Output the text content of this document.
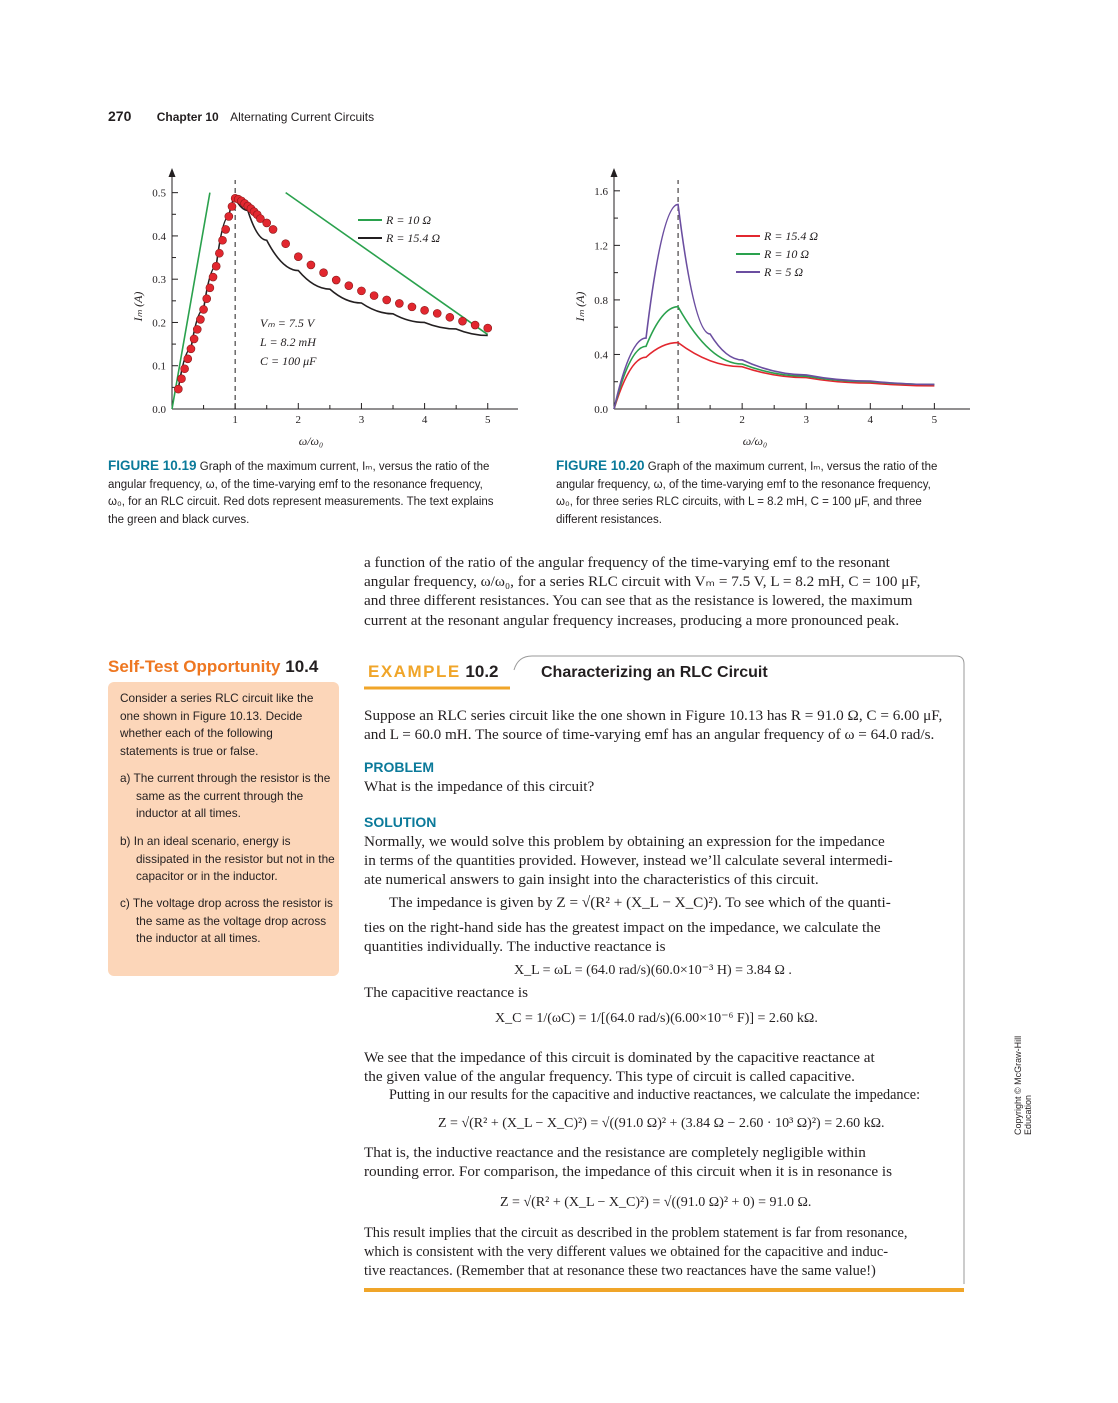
270 Chapter 10 Alternating Current Circuits
1	2	3	4	5
0.0
0.1
0.2
0.3
0.4
0.5
ω/ω₀
Iₘ (A)
R = 10 Ω
R = 15.4 Ω
Vₘ = 7.5 V
L = 8.2 mH
C = 100 μF
1	2	3	4	5
0.0
0.4
0.8
1.2
1.6
ω/ω₀
Iₘ (A)
R = 15.4 Ω
R = 10 Ω
R = 5 Ω
FIGURE 10.19 Graph of the maximum current, Iₘ, versus the ratio of the
angular frequency, ω, of the time-varying emf to the resonance frequency,
ω₀, for an RLC circuit. Red dots represent measurements. The text explains
the green and black curves.
FIGURE 10.20 Graph of the maximum current, Iₘ, versus the ratio of the
angular frequency, ω, of the time-varying emf to the resonance frequency,
ω₀, for three series RLC circuits, with L = 8.2 mH, C = 100 μF, and three
different resistances.
a function of the ratio of the angular frequency of the time-varying emf to the resonant
angular frequency, ω/ω₀, for a series RLC circuit with Vₘ = 7.5 V, L = 8.2 mH, C = 100 μF,
and three different resistances. You can see that as the resistance is lowered, the maximum
current at the resonant angular frequency increases, producing a more pronounced peak.
Self-Test Opportunity 10.4

Consider a series RLC circuit like the one shown in Figure 10.13. Decide whether each of the following statements is true or false.

a) The current through the resistor is the same as the current through the inductor at all times.

b) In an ideal scenario, energy is dissipated in the resistor but not in the capacitor or in the inductor.

c) The voltage drop across the resistor is the same as the voltage drop across the inductor at all times.

EXAMPLE 10.2	Characterizing an RLC Circuit
Suppose an RLC series circuit like the one shown in Figure 10.13 has R = 91.0 Ω, C = 6.00 μF,
and L = 60.0 mH. The source of time-varying emf has an angular frequency of ω = 64.0 rad/s.
PROBLEM
What is the impedance of this circuit?
SOLUTION
Normally, we would solve this problem by obtaining an expression for the impedance
in terms of the quantities provided. However, instead we’ll calculate several intermedi-
ate numerical answers to gain insight into the characteristics of this circuit.
The impedance is given by Z = √(R² + (X_L − X_C)²). To see which of the quanti-
ties on the right-hand side has the greatest impact on the impedance, we calculate the
quantities individually. The inductive reactance is
X_L = ωL = (64.0 rad/s)(60.0×10⁻³ H) = 3.84 Ω .
The capacitive reactance is
X_C = 1/(ωC) = 1/[(64.0 rad/s)(6.00×10⁻⁶ F)] = 2.60 kΩ.
We see that the impedance of this circuit is dominated by the capacitive reactance at
the given value of the angular frequency. This type of circuit is called capacitive.
Putting in our results for the capacitive and inductive reactances, we calculate the impedance:
Z = √(R² + (X_L − X_C)²) = √((91.0 Ω)² + (3.84 Ω − 2.60 · 10³ Ω)²) = 2.60 kΩ.
That is, the inductive reactance and the resistance are completely negligible within
rounding error. For comparison, the impedance of this circuit when it is in resonance is
Z = √(R² + (X_L − X_C)²) = √((91.0 Ω)² + 0) = 91.0 Ω.
This result implies that the circuit as described in the problem statement is far from resonance,
which is consistent with the very different values we obtained for the capacitive and induc-
tive reactances. (Remember that at resonance these two reactances have the same value!)
Copyright © McGraw-Hill Education
